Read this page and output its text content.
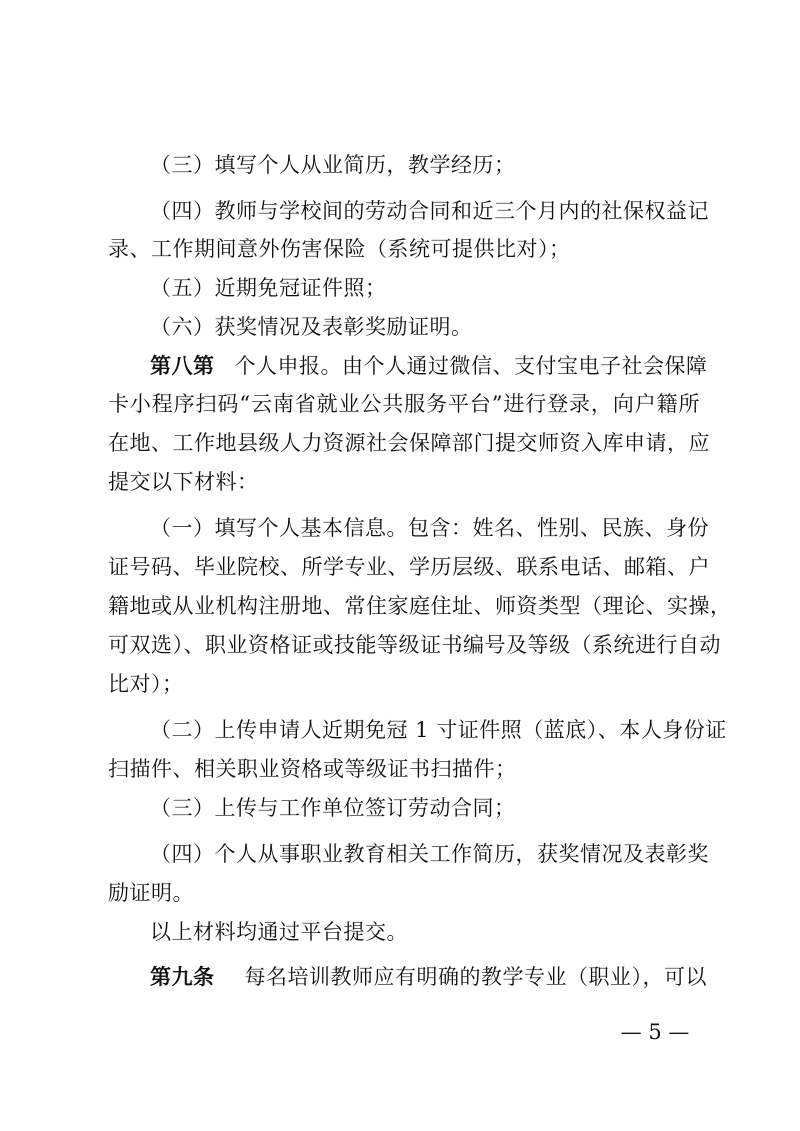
（三）填写个人从业简历，教学经历；
（四）教师与学校间的劳动合同和近三个月内的社保权益记
录、工作期间意外伤害保险（系统可提供比对）；
（五）近期免冠证件照；
（六）获奖情况及表彰奖励证明。
第八第 个人申报。由个人通过微信、支付宝电子社会保障
卡小程序扫码“云南省就业公共服务平台”进行登录，向户籍所
在地、工作地县级人力资源社会保障部门提交师资入库申请，应
提交以下材料：
（一）填写个人基本信息。包含：姓名、性别、民族、身份
证号码、毕业院校、所学专业、学历层级、联系电话、邮箱、户
籍地或从业机构注册地、常住家庭住址、师资类型（理论、实操，
可双选）、职业资格证或技能等级证书编号及等级（系统进行自动
比对）；
（二）上传申请人近期免冠 1 寸证件照（蓝底）、本人身份证
扫描件、相关职业资格或等级证书扫描件；
（三）上传与工作单位签订劳动合同；
（四）个人从事职业教育相关工作简历，获奖情况及表彰奖
励证明。
以上材料均通过平台提交。
第九条 每名培训教师应有明确的教学专业（职业），可以
— 5 —
